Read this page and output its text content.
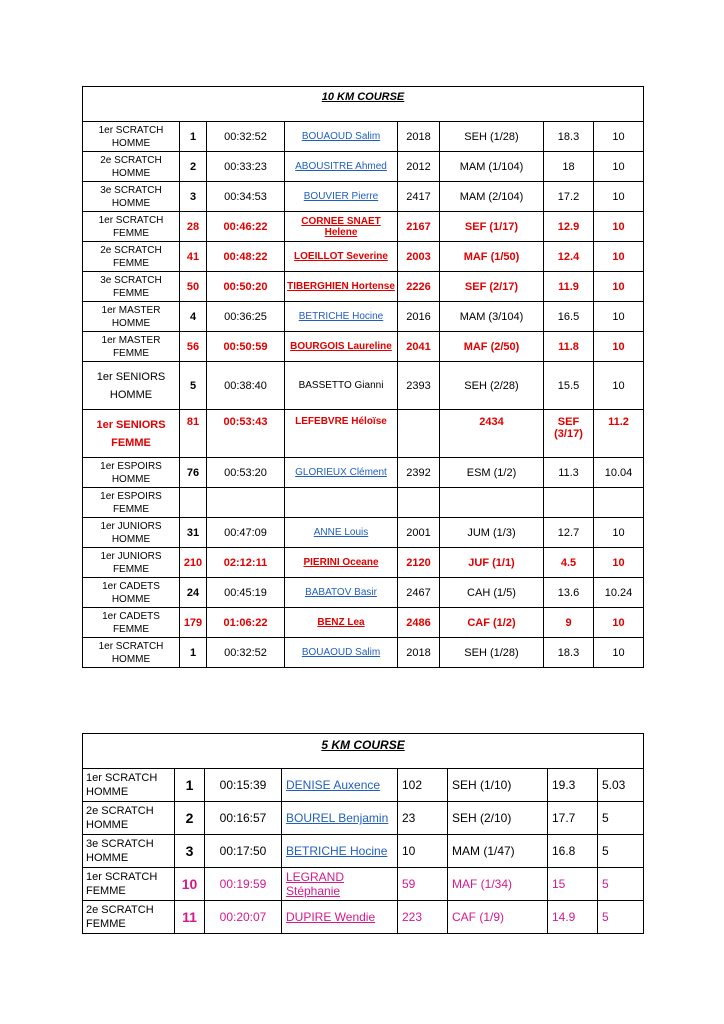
10 KM COURSE							
1er SCRATCH HOMME	1	00:32:52	BOUAOUD Salim	2018	SEH (1/28)	18.3	10
2e SCRATCH HOMME	2	00:33:23	ABOUSITRE Ahmed	2012	MAM (1/104)	18	10
3e SCRATCH HOMME	3	00:34:53	BOUVIER Pierre	2417	MAM (2/104)	17.2	10
1er SCRATCH FEMME	28	00:46:22	CORNEE SNAET Helene	2167	SEF (1/17)	12.9	10
2e SCRATCH FEMME	41	00:48:22	LOEILLOT Severine	2003	MAF (1/50)	12.4	10
3e SCRATCH FEMME	50	00:50:20	TIBERGHIEN Hortense	2226	SEF (2/17)	11.9	10
1er MASTER HOMME	4	00:36:25	BETRICHE Hocine	2016	MAM (3/104)	16.5	10
1er MASTER FEMME	56	00:50:59	BOURGOIS Laureline	2041	MAF (2/50)	11.8	10
1er SENIORS HOMME	5	00:38:40	BASSETTO Gianni	2393	SEH (2/28)	15.5	10
1er SENIORS FEMME	81	00:53:43	LEFEBVRE Héloïse		2434	SEF (3/17)	11.2
1er ESPOIRS HOMME	76	00:53:20	GLORIEUX Clément	2392	ESM (1/2)	11.3	10.04
1er ESPOIRS FEMME							
1er JUNIORS HOMME	31	00:47:09	ANNE Louis	2001	JUM (1/3)	12.7	10
1er JUNIORS FEMME	210	02:12:11	PIERINI Oceane	2120	JUF (1/1)	4.5	10
1er CADETS HOMME	24	00:45:19	BABATOV Basir	2467	CAH (1/5)	13.6	10.24
1er CADETS FEMME	179	01:06:22	BENZ Lea	2486	CAF (1/2)	9	10
1er SCRATCH HOMME	1	00:32:52	BOUAOUD Salim	2018	SEH (1/28)	18.3	10
5 KM COURSE							
1er SCRATCH HOMME	1	00:15:39	DENISE Auxence	102	SEH (1/10)	19.3	5.03
2e SCRATCH HOMME	2	00:16:57	BOUREL Benjamin	23	SEH (2/10)	17.7	5
3e SCRATCH HOMME	3	00:17:50	BETRICHE Hocine	10	MAM (1/47)	16.8	5
1er SCRATCH FEMME	10	00:19:59	LEGRAND Stéphanie	59	MAF (1/34)	15	5
2e SCRATCH FEMME	11	00:20:07	DUPIRE Wendie	223	CAF (1/9)	14.9	5
